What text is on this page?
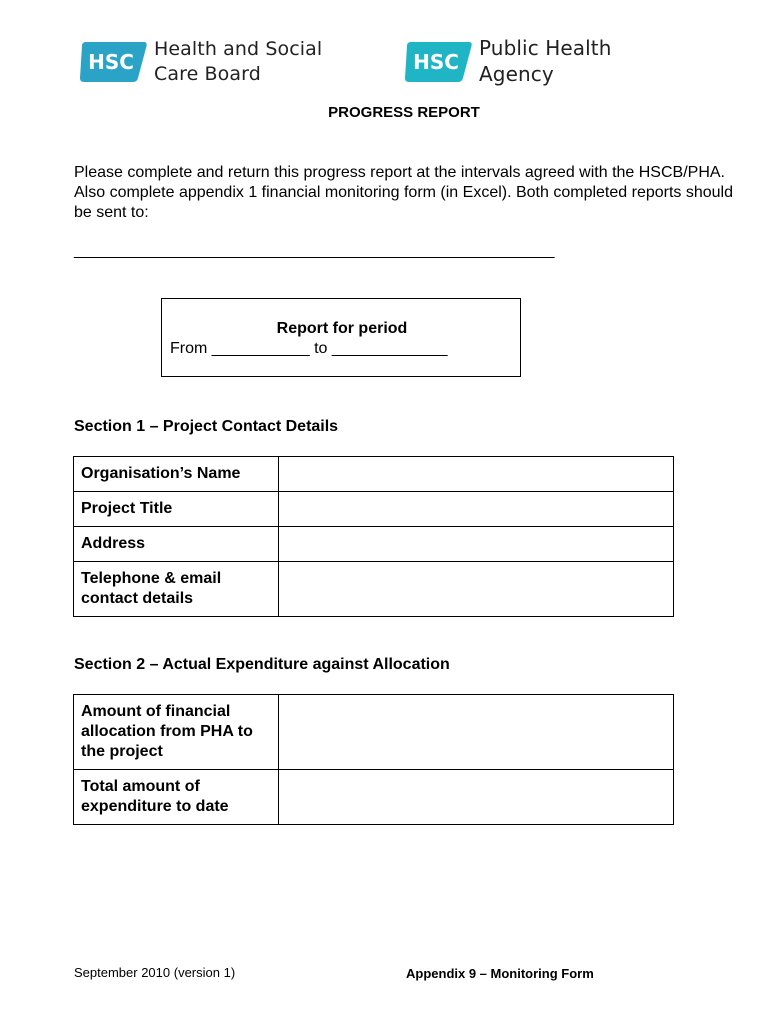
HSC
Health and Social
Care Board	HSC
Public Health
Agency
PROGRESS REPORT
Please complete and return this progress report at the intervals agreed with the HSCB/PHA. Also complete appendix 1 financial monitoring form (in Excel). Both completed reports should be sent to:
______________________________________________________
Report for period
From ___________ to _____________
Section 1 – Project Contact Details
Organisation’s Name	
Project Title	
Address	
Telephone & email contact details	
Section 2 – Actual Expenditure against Allocation
Amount of financial allocation from PHA to the project	
Total amount of expenditure to date	
September 2010 (version 1)	Appendix 9 – Monitoring Form
